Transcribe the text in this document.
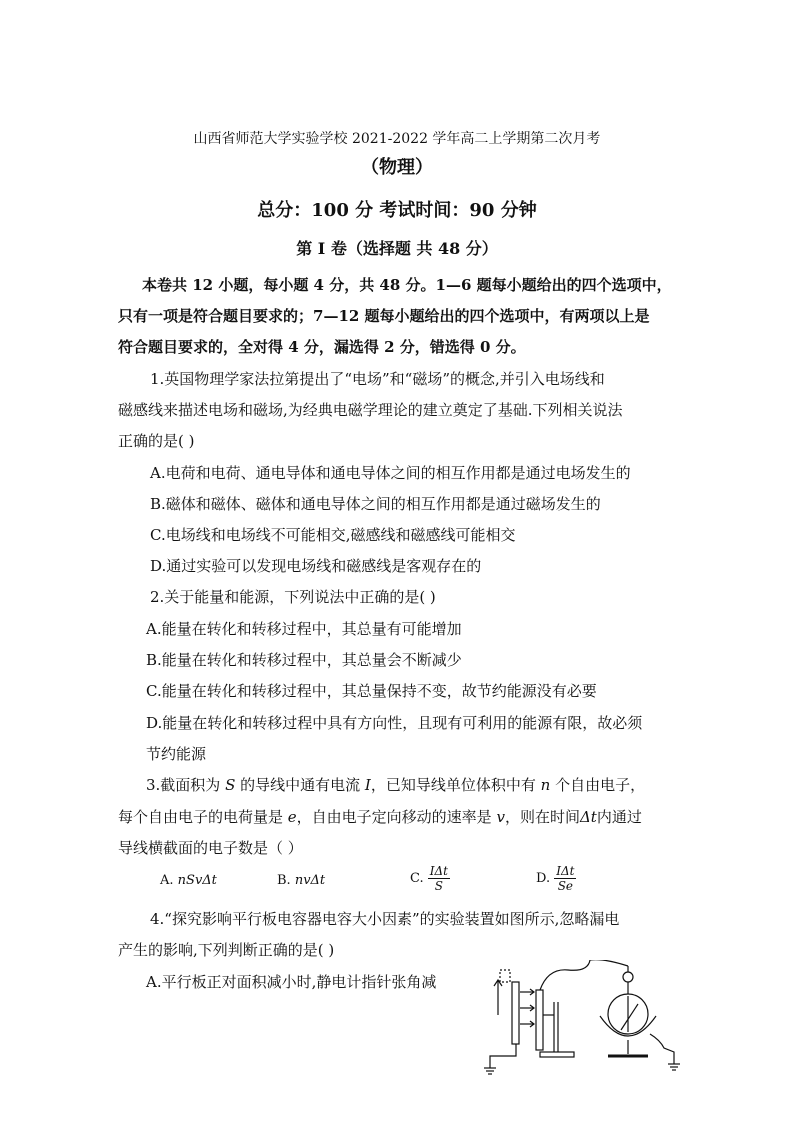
山西省师范大学实验学校 2021-2022 学年高二上学期第二次月考
（物理）
总分：100 分 考试时间：90 分钟
第 I 卷（选择题 共 48 分）
本卷共 12 小题，每小题 4 分，共 48 分。1—6 题每小题给出的四个选项中，
只有一项是符合题目要求的；7—12 题每小题给出的四个选项中，有两项以上是
符合题目要求的，全对得 4 分，漏选得 2 分，错选得 0 分。
1.英国物理学家法拉第提出了“电场”和“磁场”的概念,并引入电场线和
磁感线来描述电场和磁场,为经典电磁学理论的建立奠定了基础.下列相关说法
正确的是( )
A.电荷和电荷、通电导体和通电导体之间的相互作用都是通过电场发生的
B.磁体和磁体、磁体和通电导体之间的相互作用都是通过磁场发生的
C.电场线和电场线不可能相交,磁感线和磁感线可能相交
D.通过实验可以发现电场线和磁感线是客观存在的
2.关于能量和能源，下列说法中正确的是( )
A.能量在转化和转移过程中，其总量有可能增加
B.能量在转化和转移过程中，其总量会不断减少
C.能量在转化和转移过程中，其总量保持不变，故节约能源没有必要
D.能量在转化和转移过程中具有方向性，且现有可利用的能源有限，故必须
节约能源
3.截面积为 S 的导线中通有电流 I，已知导线单位体积中有 n 个自由电子，
每个自由电子的电荷量是 e，自由电子定向移动的速率是 v，则在时间Δt内通过
导线横截面的电子数是（ ）
A. nSvΔt	B. nvΔt	C. $\frac{\text{IΔt}}{S}$	D. $\frac{\text{IΔt}}{Se}$
4.“探究影响平行板电容器电容大小因素”的实验装置如图所示,忽略漏电
产生的影响,下列判断正确的是( )
A.平行板正对面积减小时,静电计指针张角减
